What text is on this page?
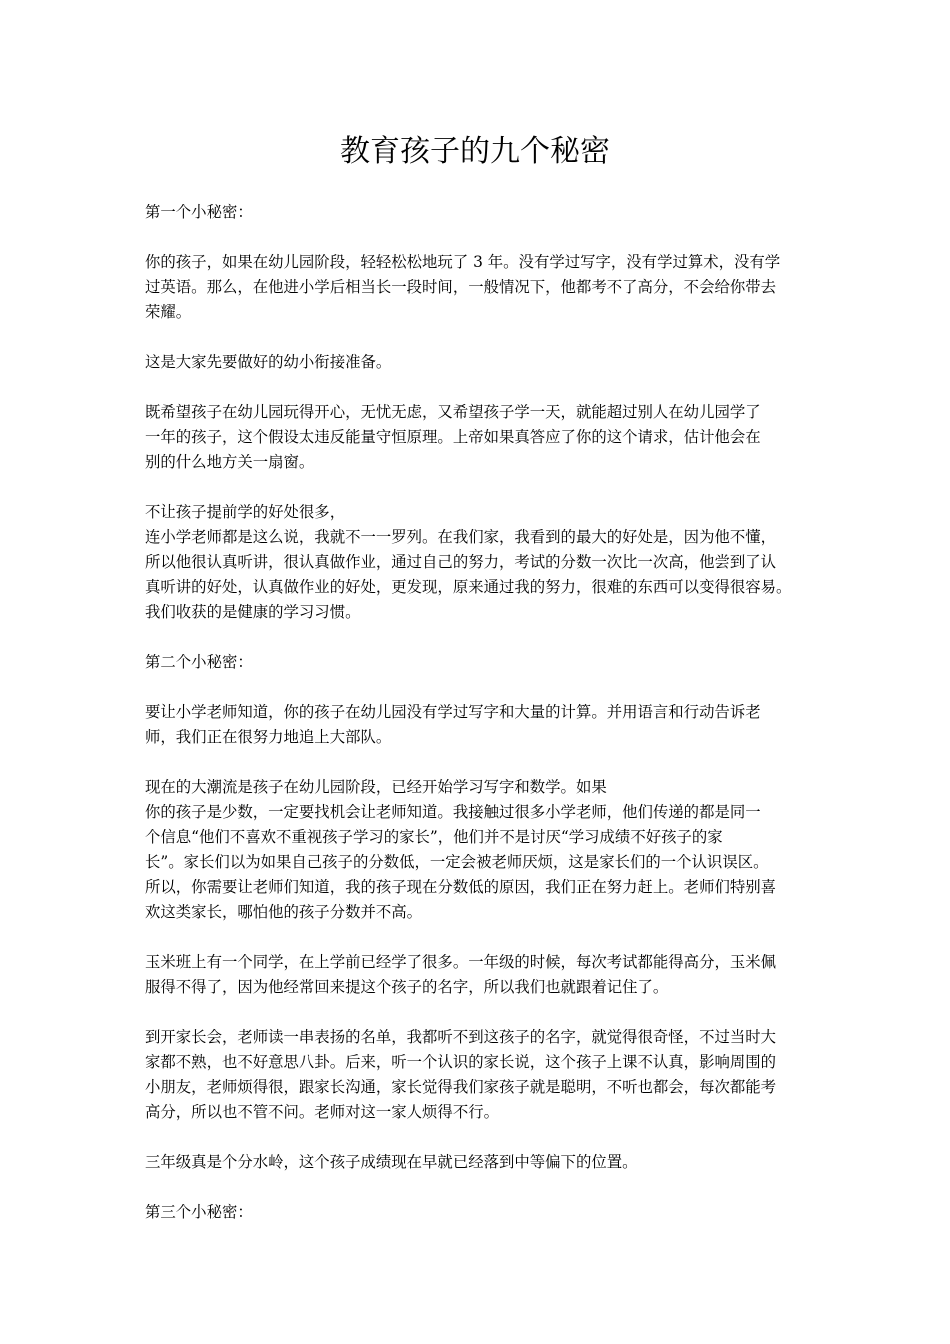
教育孩子的九个秘密

第一个小秘密：

你的孩子，如果在幼儿园阶段，轻轻松松地玩了 3 年。没有学过写字，没有学过算术，没有学
过英语。那么，在他进小学后相当长一段时间，一般情况下，他都考不了高分，不会给你带去
荣耀。

这是大家先要做好的幼小衔接准备。

既希望孩子在幼儿园玩得开心，无忧无虑，又希望孩子学一天，就能超过别人在幼儿园学了
一年的孩子，这个假设太违反能量守恒原理。上帝如果真答应了你的这个请求，估计他会在
别的什么地方关一扇窗。

不让孩子提前学的好处很多，
连小学老师都是这么说，我就不一一罗列。在我们家，我看到的最大的好处是，因为他不懂，
所以他很认真听讲，很认真做作业，通过自己的努力，考试的分数一次比一次高，他尝到了认
真听讲的好处，认真做作业的好处，更发现，原来通过我的努力，很难的东西可以变得很容易。
我们收获的是健康的学习习惯。

第二个小秘密：

要让小学老师知道，你的孩子在幼儿园没有学过写字和大量的计算。并用语言和行动告诉老
师，我们正在很努力地追上大部队。

现在的大潮流是孩子在幼儿园阶段，已经开始学习写字和数学。如果
你的孩子是少数，一定要找机会让老师知道。我接触过很多小学老师，他们传递的都是同一
个信息“他们不喜欢不重视孩子学习的家长”，他们并不是讨厌“学习成绩不好孩子的家
长”。家长们以为如果自己孩子的分数低，一定会被老师厌烦，这是家长们的一个认识误区。
所以，你需要让老师们知道，我的孩子现在分数低的原因，我们正在努力赶上。老师们特别喜
欢这类家长，哪怕他的孩子分数并不高。

玉米班上有一个同学，在上学前已经学了很多。一年级的时候，每次考试都能得高分，玉米佩
服得不得了，因为他经常回来提这个孩子的名字，所以我们也就跟着记住了。

到开家长会，老师读一串表扬的名单，我都听不到这孩子的名字，就觉得很奇怪，不过当时大
家都不熟，也不好意思八卦。后来，听一个认识的家长说，这个孩子上课不认真，影响周围的
小朋友，老师烦得很，跟家长沟通，家长觉得我们家孩子就是聪明，不听也都会，每次都能考
高分，所以也不管不问。老师对这一家人烦得不行。

三年级真是个分水岭，这个孩子成绩现在早就已经落到中等偏下的位置。

第三个小秘密：
